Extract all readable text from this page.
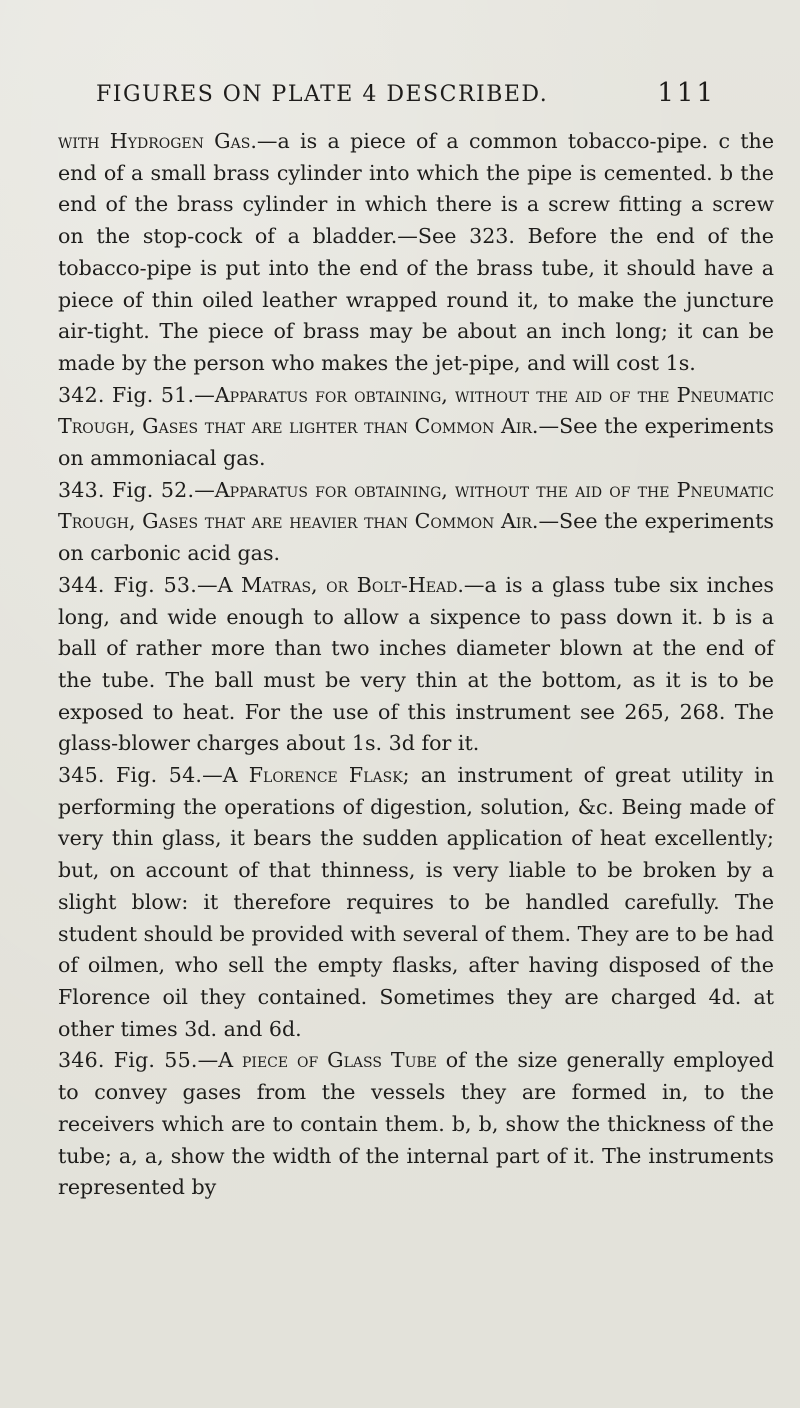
FIGURES ON PLATE 4 DESCRIBED.	111

with Hydrogen Gas.—a is a piece of a common tobacco-pipe. c the end of a small brass cylinder into which the pipe is cemented. b the end of the brass cylinder in which there is a screw fitting a screw on the stop-cock of a bladder.—See 323. Before the end of the tobacco-pipe is put into the end of the brass tube, it should have a piece of thin oiled leather wrapped round it, to make the juncture air-tight. The piece of brass may be about an inch long; it can be made by the person who makes the jet-pipe, and will cost 1s.

342. Fig. 51.—Apparatus for obtaining, without the aid of the Pneumatic Trough, Gases that are lighter than Common Air.—See the experiments on ammoniacal gas.

343. Fig. 52.—Apparatus for obtaining, without the aid of the Pneumatic Trough, Gases that are heavier than Common Air.—See the experiments on carbonic acid gas.

344. Fig. 53.—A Matras, or Bolt-Head.—a is a glass tube six inches long, and wide enough to allow a sixpence to pass down it. b is a ball of rather more than two inches diameter blown at the end of the tube. The ball must be very thin at the bottom, as it is to be exposed to heat. For the use of this instrument see 265, 268. The glass-blower charges about 1s. 3d for it.

345. Fig. 54.—A Florence Flask; an instrument of great utility in performing the operations of digestion, solution, &c. Being made of very thin glass, it bears the sudden application of heat excellently; but, on account of that thinness, is very liable to be broken by a slight blow: it therefore requires to be handled carefully. The student should be provided with several of them. They are to be had of oilmen, who sell the empty flasks, after having disposed of the Florence oil they contained. Sometimes they are charged 4d. at other times 3d. and 6d.

346. Fig. 55.—A piece of Glass Tube of the size generally employed to convey gases from the vessels they are formed in, to the receivers which are to contain them. b, b, show the thickness of the tube; a, a, show the width of the internal part of it. The instruments represented by
